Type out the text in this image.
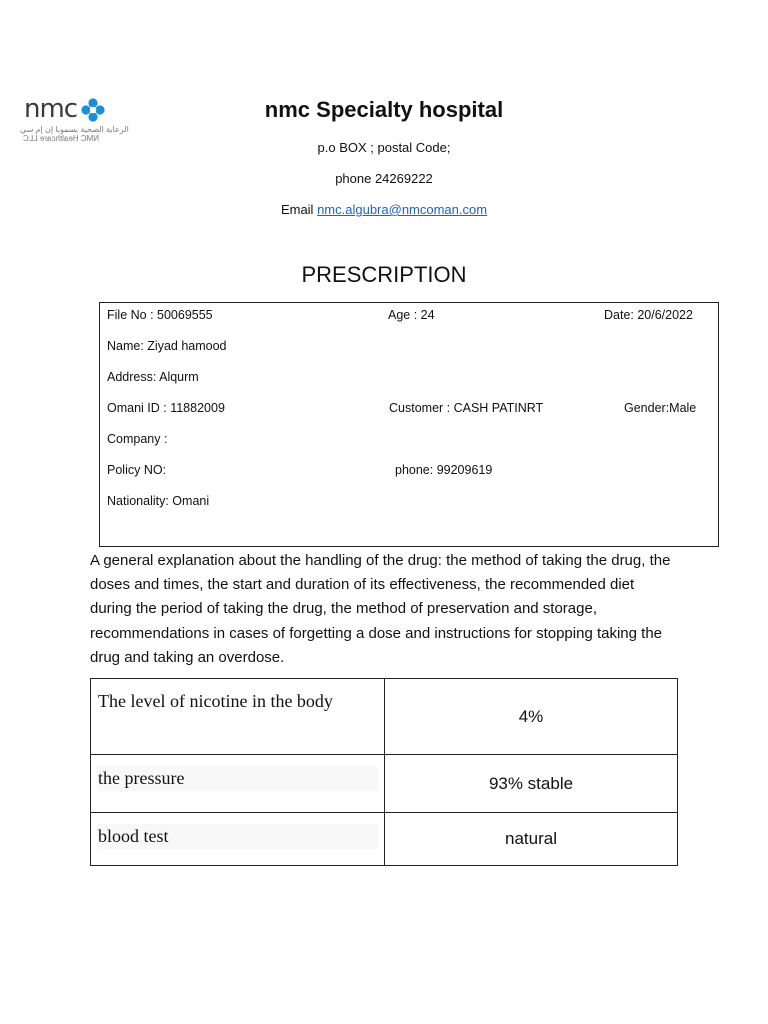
nmc
الرعاية الصحية بسموبا إن إم سي
NMC Healthcare LLC
nmc Specialty hospital
p.o BOX ; postal Code;
phone 24269222
Email nmc.algubra@nmcoman.com
PRESCRIPTION
File No : 50069555	Age : 24	Date: 20/6/2022
Name: Ziyad hamood
Address: Alqurm
Omani ID : 11882009	Customer : CASH PATINRT	Gender:Male
Company :
Policy NO:	phone: 99209619
Nationality: Omani
A general explanation about the handling of the drug: the method of taking the drug, the doses and times, the start and duration of its effectiveness, the recommended diet during the period of taking the drug, the method of preservation and storage, recommendations in cases of forgetting a dose and instructions for stopping taking the drug and taking an overdose.
The level of nicotine in the body	4%

the pressure	93% stable

blood test	natural
